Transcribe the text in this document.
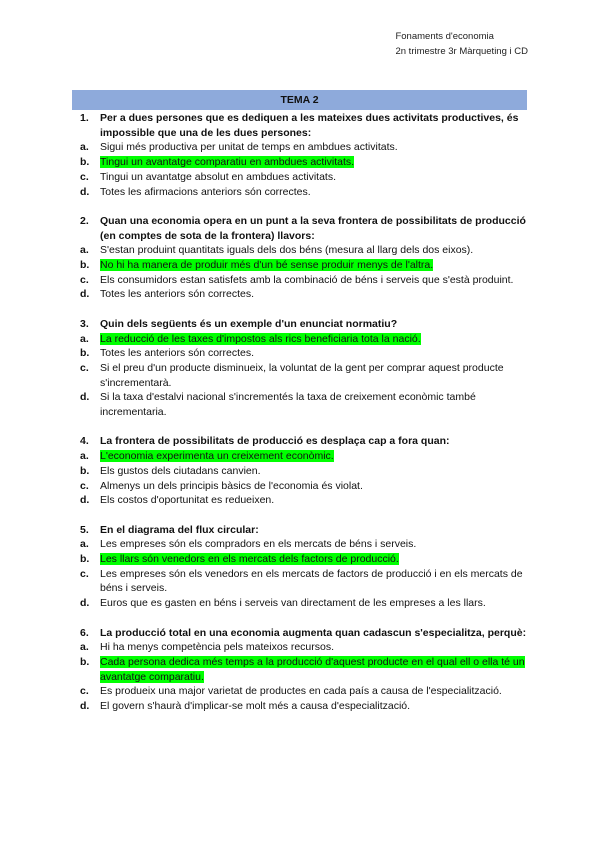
Fonaments d'economia
2n trimestre 3r Màrqueting i CD
TEMA 2
1.	Per a dues persones que es dediquen a les mateixes dues activitats productives, és impossible que una de les dues persones:
a.	Sigui més productiva per unitat de temps en ambdues activitats.
b.	Tingui un avantatge comparatiu en ambdues activitats.
c.	Tingui un avantatge absolut en ambdues activitats.
d.	Totes les afirmacions anteriors són correctes.
2.	Quan una economia opera en un punt a la seva frontera de possibilitats de producció (en comptes de sota de la frontera) llavors:
a.	S'estan produint quantitats iguals dels dos béns (mesura al llarg dels dos eixos).
b.	No hi ha manera de produir més d'un bé sense produir menys de l'altra.
c.	Els consumidors estan satisfets amb la combinació de béns i serveis que s'està produint.
d.	Totes les anteriors són correctes.
3.	Quin dels següents és un exemple d'un enunciat normatiu?
a.	La reducció de les taxes d'impostos als rics beneficiaria tota la nació.
b.	Totes les anteriors són correctes.
c.	Si el preu d'un producte disminueix, la voluntat de la gent per comprar aquest producte s'incrementarà.
d.	Si la taxa d'estalvi nacional s'incrementés la taxa de creixement econòmic també incrementaria.
4.	La frontera de possibilitats de producció es desplaça cap a fora quan:
a.	L'economia experimenta un creixement econòmic.
b.	Els gustos dels ciutadans canvien.
c.	Almenys un dels principis bàsics de l'economia és violat.
d.	Els costos d'oportunitat es redueixen.
5.	En el diagrama del flux circular:
a.	Les empreses són els compradors en els mercats de béns i serveis.
b.	Les llars són venedors en els mercats dels factors de producció.
c.	Les empreses són els venedors en els mercats de factors de producció i en els mercats de béns i serveis.
d.	Euros que es gasten en béns i serveis van directament de les empreses a les llars.
6.	La producció total en una economia augmenta quan cadascun s'especialitza, perquè:
a.	Hi ha menys competència pels mateixos recursos.
b.	Cada persona dedica més temps a la producció d'aquest producte en el qual ell o ella té un avantatge comparatiu.
c.	Es produeix una major varietat de productes en cada país a causa de l'especialització.
d.	El govern s'haurà d'implicar-se molt més a causa d'especialització.
